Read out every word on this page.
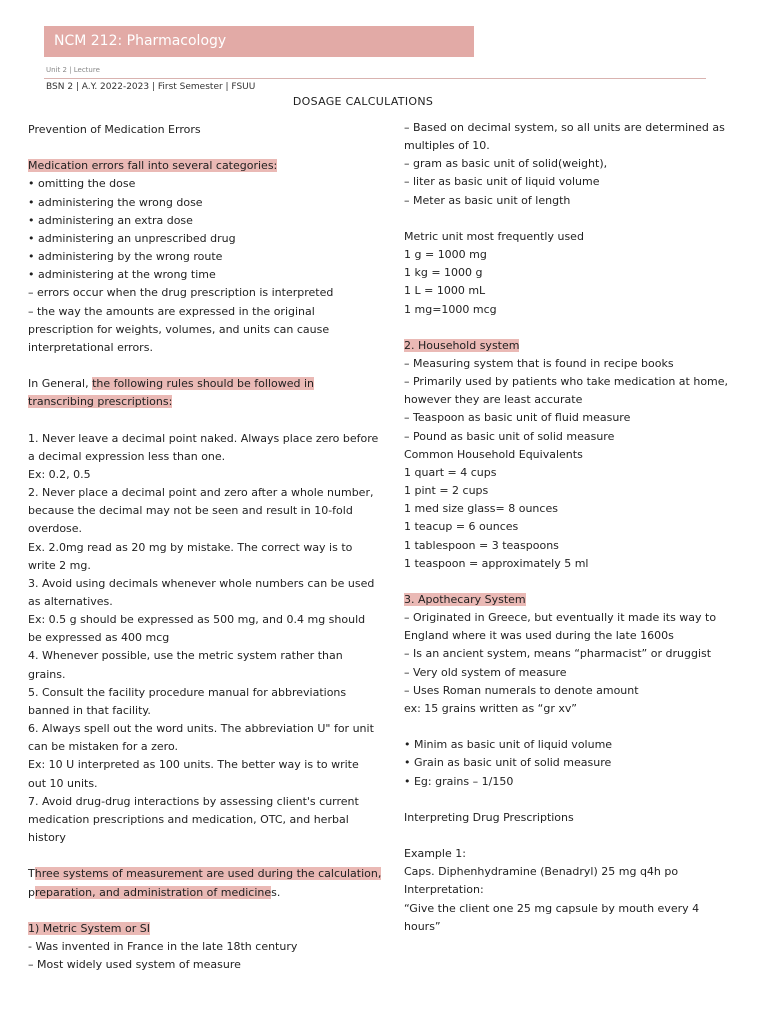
NCM 212: Pharmacology
Unit 2 | Lecture
BSN 2 | A.Y. 2022-2023 | First Semester | FSUU
DOSAGE CALCULATIONS

Prevention of Medication Errors

Medication errors fall into several categories:

• omitting the dose

• administering the wrong dose

• administering an extra dose

• administering an unprescribed drug

• administering by the wrong route

• administering at the wrong time

– errors occur when the drug prescription is interpreted

– the way the amounts are expressed in the original

prescription for weights, volumes, and units can cause

interpretational errors.

In General, the following rules should be followed in

transcribing prescriptions:

1. Never leave a decimal point naked. Always place zero before

a decimal expression less than one.

Ex: 0.2, 0.5

2. Never place a decimal point and zero after a whole number,

because the decimal may not be seen and result in 10-fold

overdose.

Ex. 2.0mg read as 20 mg by mistake. The correct way is to

write 2 mg.

3. Avoid using decimals whenever whole numbers can be used

as alternatives.

Ex: 0.5 g should be expressed as 500 mg, and 0.4 mg should

be expressed as 400 mcg

4. Whenever possible, use the metric system rather than

grains.

5. Consult the facility procedure manual for abbreviations

banned in that facility.

6. Always spell out the word units. The abbreviation U" for unit

can be mistaken for a zero.

Ex: 10 U interpreted as 100 units. The better way is to write

out 10 units.

7. Avoid drug-drug interactions by assessing client's current

medication prescriptions and medication, OTC, and herbal

history

Three systems of measurement are used during the calculation,

preparation, and administration of medicines.

1) Metric System or SI

- Was invented in France in the late 18th century

– Most widely used system of measure

– Based on decimal system, so all units are determined as

multiples of 10.

– gram as basic unit of solid(weight),

– liter as basic unit of liquid volume

– Meter as basic unit of length

Metric unit most frequently used

1 g = 1000 mg

1 kg = 1000 g

1 L = 1000 mL

1 mg=1000 mcg

2. Household system

– Measuring system that is found in recipe books

– Primarily used by patients who take medication at home,

however they are least accurate

– Teaspoon as basic unit of fluid measure

– Pound as basic unit of solid measure

Common Household Equivalents

1 quart = 4 cups

1 pint = 2 cups

1 med size glass= 8 ounces

1 teacup = 6 ounces

1 tablespoon = 3 teaspoons

1 teaspoon = approximately 5 ml

3. Apothecary System

– Originated in Greece, but eventually it made its way to

England where it was used during the late 1600s

– Is an ancient system, means “pharmacist” or druggist

– Very old system of measure

– Uses Roman numerals to denote amount

ex: 15 grains written as “gr xv”

• Minim as basic unit of liquid volume

• Grain as basic unit of solid measure

• Eg: grains – 1/150

Interpreting Drug Prescriptions

Example 1:

Caps. Diphenhydramine (Benadryl) 25 mg q4h po

Interpretation:

“Give the client one 25 mg capsule by mouth every 4

hours”
